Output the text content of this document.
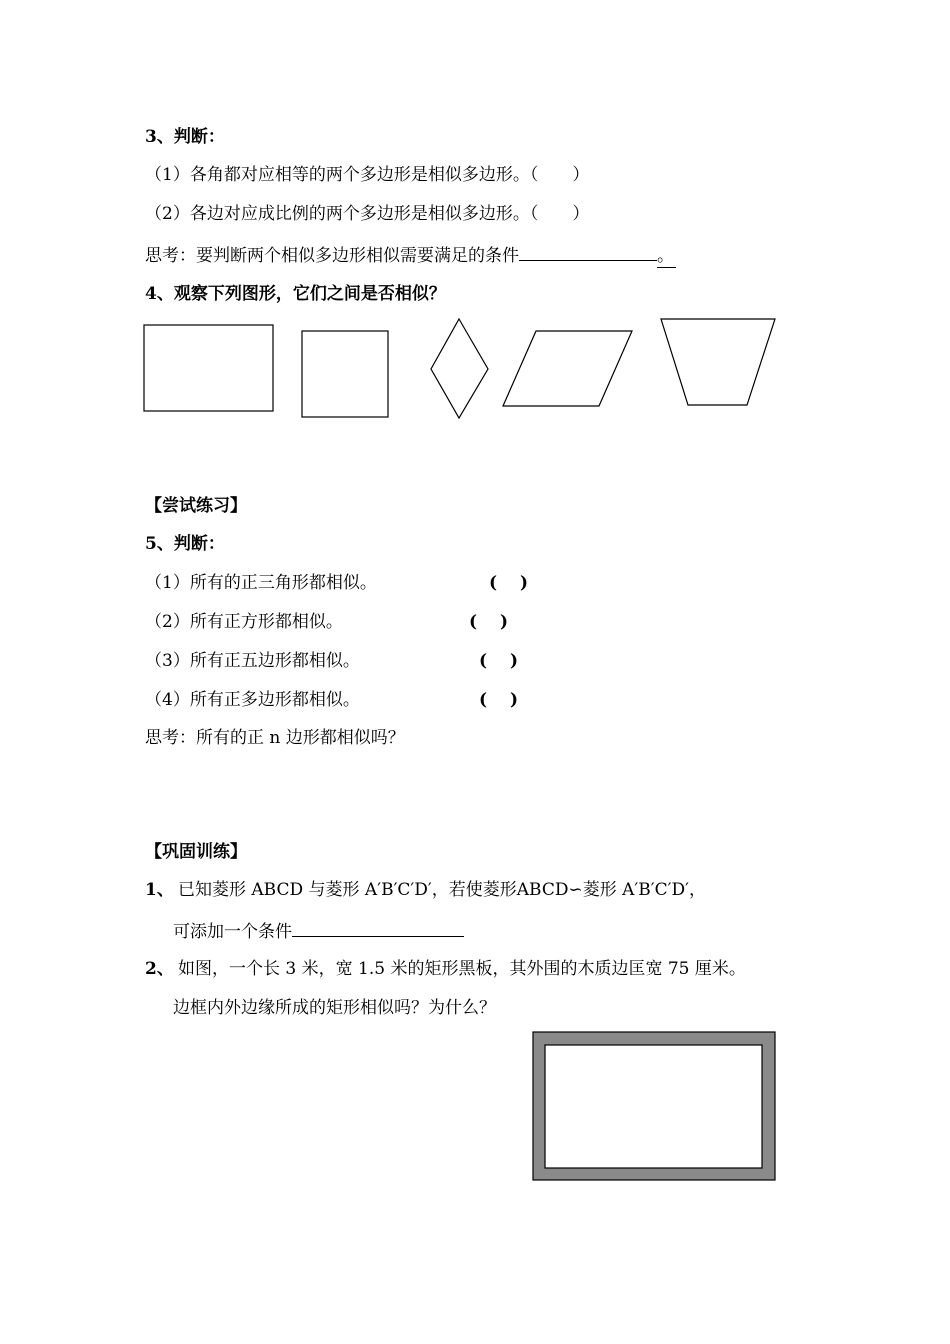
3、判断：
（1）各角都对应相等的两个多边形是相似多边形。（　　）
（2）各边对应成比例的两个多边形是相似多边形。（　　）
思考：要判断两个相似多边形相似需要满足的条件	。
4、观察下列图形，它们之间是否相似？
【尝试练习】
5、判断：
（1）所有的正三角形都相似。	(　 )
（2）所有正方形都相似。	(　 )
（3）所有正五边形都相似。	(　 )
（4）所有正多边形都相似。	(　 )
思考：所有的正 n 边形都相似吗？
【巩固训练】
1、 已知菱形 ABCD 与菱形 A′B′C′D′，若使菱形ABCD∽菱形 A′B′C′D′，
可添加一个条件
2、 如图，一个长 3 米，宽 1.5 米的矩形黑板，其外围的木质边匡宽 75 厘米。
边框内外边缘所成的矩形相似吗？为什么？
